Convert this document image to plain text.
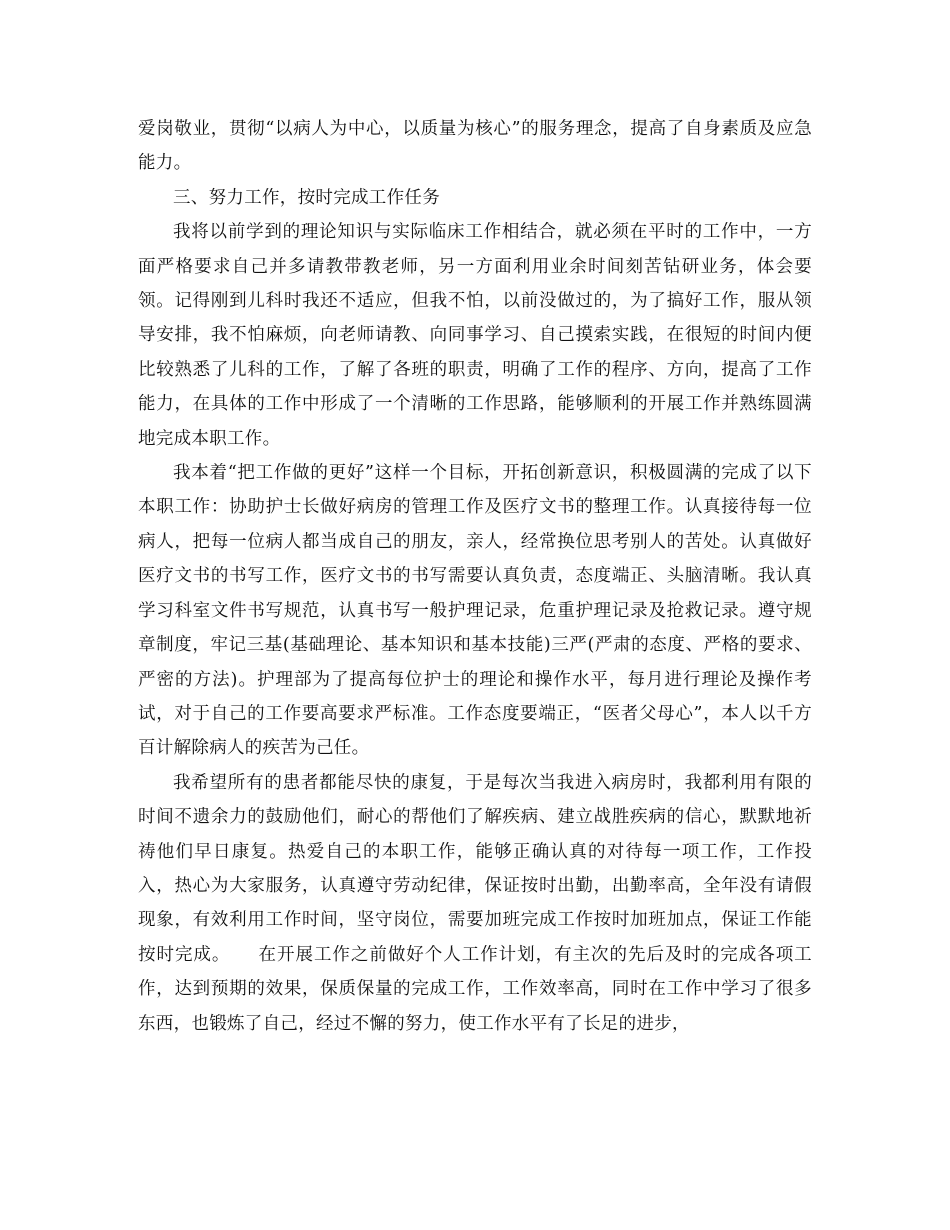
爱岗敬业，贯彻“以病人为中心，以质量为核心”的服务理念，提高了自身素质及应急能力。

三、努力工作，按时完成工作任务

我将以前学到的理论知识与实际临床工作相结合，就必须在平时的工作中，一方面严格要求自己并多请教带教老师，另一方面利用业余时间刻苦钻研业务，体会要领。记得刚到儿科时我还不适应，但我不怕，以前没做过的，为了搞好工作，服从领导安排，我不怕麻烦，向老师请教、向同事学习、自己摸索实践，在很短的时间内便比较熟悉了儿科的工作，了解了各班的职责，明确了工作的程序、方向，提高了工作能力，在具体的工作中形成了一个清晰的工作思路，能够顺利的开展工作并熟练圆满地完成本职工作。

我本着“把工作做的更好”这样一个目标，开拓创新意识，积极圆满的完成了以下本职工作：协助护士长做好病房的管理工作及医疗文书的整理工作。认真接待每一位病人，把每一位病人都当成自己的朋友，亲人，经常换位思考别人的苦处。认真做好医疗文书的书写工作，医疗文书的书写需要认真负责，态度端正、头脑清晰。我认真学习科室文件书写规范，认真书写一般护理记录，危重护理记录及抢救记录。遵守规章制度，牢记三基(基础理论、基本知识和基本技能)三严(严肃的态度、严格的要求、严密的方法)。护理部为了提高每位护士的理论和操作水平，每月进行理论及操作考试，对于自己的工作要高要求严标准。工作态度要端正，“医者父母心”，本人以千方百计解除病人的疾苦为己任。

我希望所有的患者都能尽快的康复，于是每次当我进入病房时，我都利用有限的时间不遗余力的鼓励他们，耐心的帮他们了解疾病、建立战胜疾病的信心，默默地祈祷他们早日康复。热爱自己的本职工作，能够正确认真的对待每一项工作，工作投入，热心为大家服务，认真遵守劳动纪律，保证按时出勤，出勤率高，全年没有请假现象，有效利用工作时间，坚守岗位，需要加班完成工作按时加班加点，保证工作能按时完成。　　在开展工作之前做好个人工作计划，有主次的先后及时的完成各项工作，达到预期的效果，保质保量的完成工作，工作效率高，同时在工作中学习了很多东西，也锻炼了自己，经过不懈的努力，使工作水平有了长足的进步，
